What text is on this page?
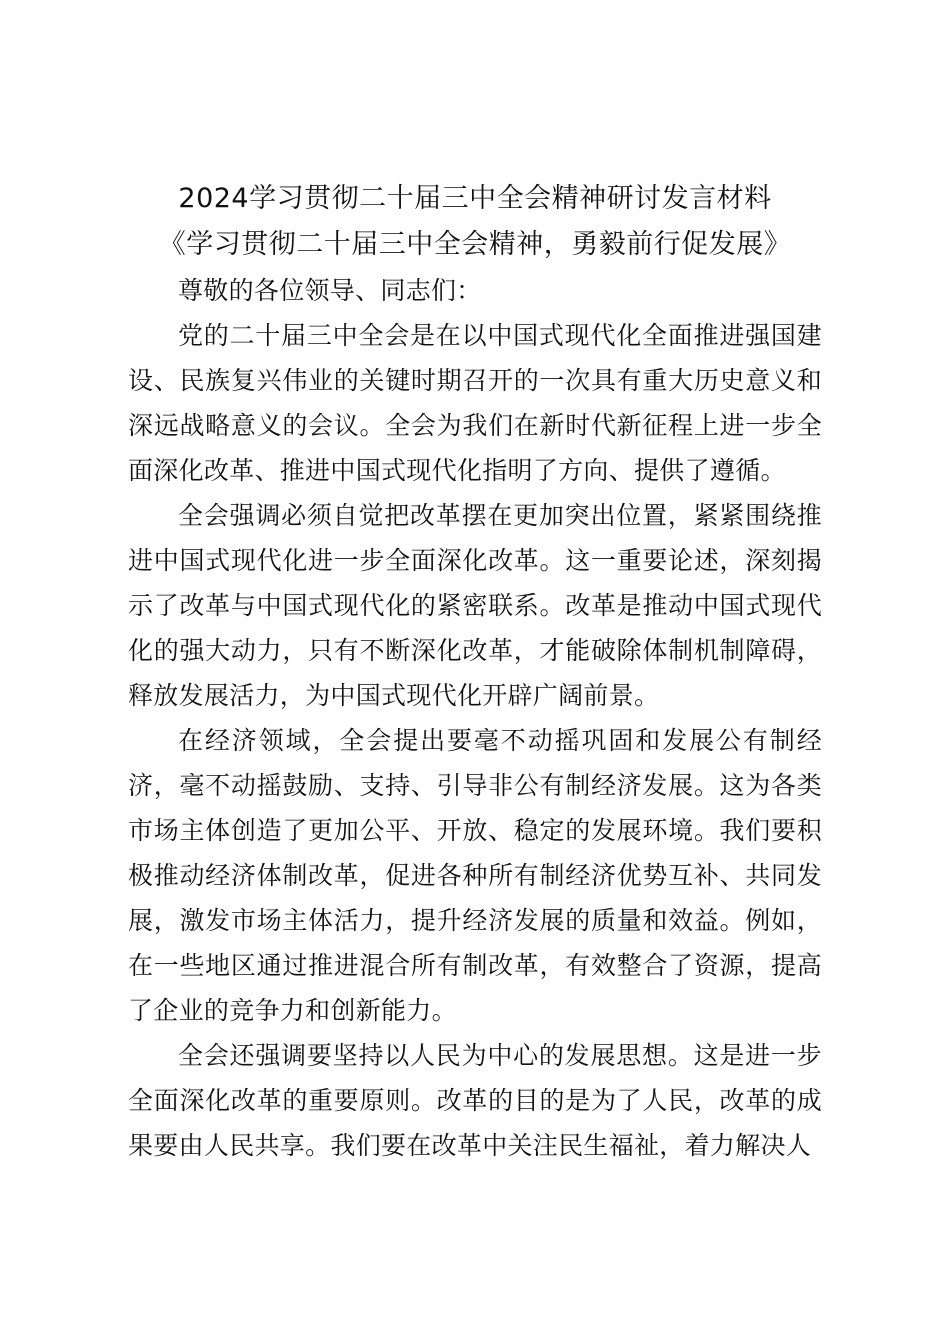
2024学习贯彻二十届三中全会精神研讨发言材料
《学习贯彻二十届三中全会精神，勇毅前行促发展》

尊敬的各位领导、同志们：

党的二十届三中全会是在以中国式现代化全面推进强国建设、民族复兴伟业的关键时期召开的一次具有重大历史意义和深远战略意义的会议。全会为我们在新时代新征程上进一步全面深化改革、推进中国式现代化指明了方向、提供了遵循。

全会强调必须自觉把改革摆在更加突出位置，紧紧围绕推进中国式现代化进一步全面深化改革。这一重要论述，深刻揭示了改革与中国式现代化的紧密联系。改革是推动中国式现代化的强大动力，只有不断深化改革，才能破除体制机制障碍，释放发展活力，为中国式现代化开辟广阔前景。

在经济领域，全会提出要毫不动摇巩固和发展公有制经济，毫不动摇鼓励、支持、引导非公有制经济发展。这为各类市场主体创造了更加公平、开放、稳定的发展环境。我们要积极推动经济体制改革，促进各种所有制经济优势互补、共同发展，激发市场主体活力，提升经济发展的质量和效益。例如，在一些地区通过推进混合所有制改革，有效整合了资源，提高了企业的竞争力和创新能力。

全会还强调要坚持以人民为中心的发展思想。这是进一步全面深化改革的重要原则。改革的目的是为了人民，改革的成果要由人民共享。我们要在改革中关注民生福祉，着力解决人
